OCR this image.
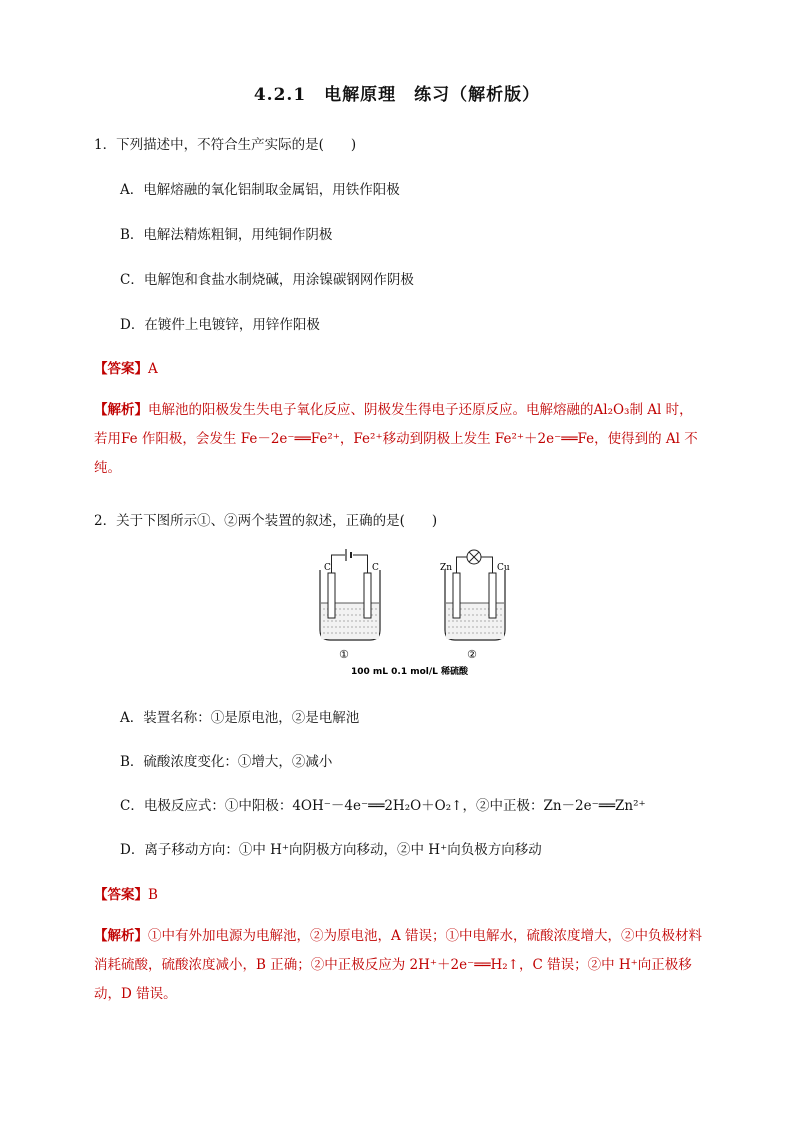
4.2.1　电解原理　练习（解析版）
1．下列描述中，不符合生产实际的是(　　)
A．电解熔融的氧化铝制取金属铝，用铁作阳极
B．电解法精炼粗铜，用纯铜作阴极
C．电解饱和食盐水制烧碱，用涂镍碳钢网作阴极
D．在镀件上电镀锌，用锌作阳极
【答案】A
【解析】电解池的阳极发生失电子氧化反应、阴极发生得电子还原反应。电解熔融的Al₂O₃制 Al 时，若用Fe 作阳极，会发生 Fe－2e⁻══Fe²⁺，Fe²⁺移动到阴极上发生 Fe²⁺＋2e⁻══Fe，使得到的 Al 不纯。
2．关于下图所示①、②两个装置的叙述，正确的是(　　)
C	C	Zn	Cu
①	②
100 mL 0.1 mol/L 稀硫酸
A．装置名称：①是原电池，②是电解池
B．硫酸浓度变化：①增大，②减小
C．电极反应式：①中阳极：4OH⁻－4e⁻══2H₂O＋O₂↑，②中正极：Zn－2e⁻══Zn²⁺
D．离子移动方向：①中 H⁺向阴极方向移动，②中 H⁺向负极方向移动
【答案】B
【解析】①中有外加电源为电解池，②为原电池，A 错误；①中电解水，硫酸浓度增大，②中负极材料消耗硫酸，硫酸浓度减小，B 正确；②中正极反应为 2H⁺＋2e⁻══H₂↑，C 错误；②中 H⁺向正极移动，D 错误。
